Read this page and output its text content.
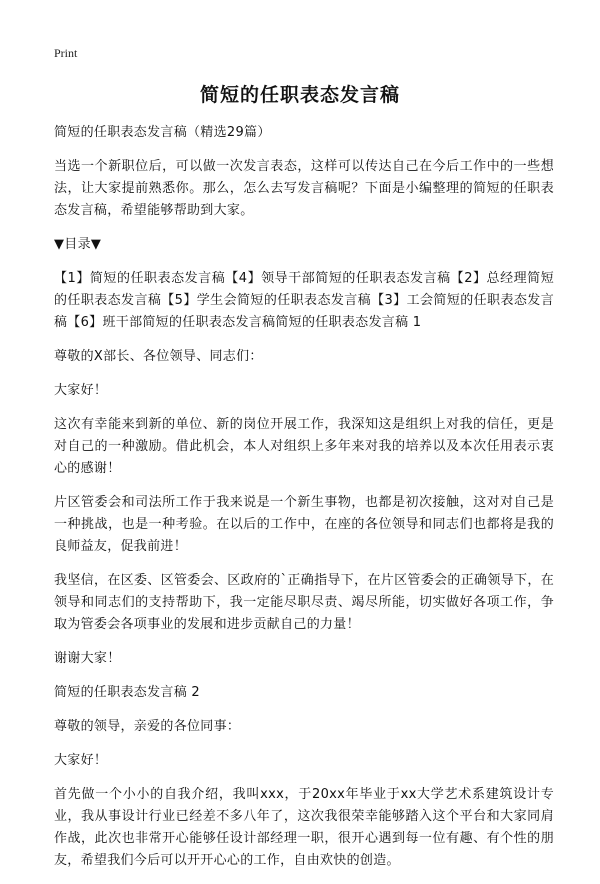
Print
简短的任职表态发言稿

简短的任职表态发言稿（精选29篇）

当选一个新职位后，可以做一次发言表态，这样可以传达自己在今后工作中的一些想法，让大家提前熟悉你。那么，怎么去写发言稿呢？下面是小编整理的简短的任职表态发言稿，希望能够帮助到大家。

▼目录▼

【1】简短的任职表态发言稿【4】领导干部简短的任职表态发言稿【2】总经理简短的任职表态发言稿【5】学生会简短的任职表态发言稿【3】工会简短的任职表态发言稿【6】班干部简短的任职表态发言稿简短的任职表态发言稿 1

尊敬的X部长、各位领导、同志们：

大家好！

这次有幸能来到新的单位、新的岗位开展工作，我深知这是组织上对我的信任，更是对自己的一种激励。借此机会，本人对组织上多年来对我的培养以及本次任用表示衷心的感谢！

片区管委会和司法所工作于我来说是一个新生事物，也都是初次接触，这对对自己是一种挑战，也是一种考验。在以后的工作中，在座的各位领导和同志们也都将是我的良师益友，促我前进！

我坚信，在区委、区管委会、区政府的`正确指导下，在片区管委会的正确领导下，在领导和同志们的支持帮助下，我一定能尽职尽责、竭尽所能，切实做好各项工作，争取为管委会各项事业的发展和进步贡献自己的力量！

谢谢大家！

简短的任职表态发言稿 2

尊敬的领导，亲爱的各位同事：

大家好！

首先做一个小小的自我介绍，我叫xxx，于20xx年毕业于xx大学艺术系建筑设计专业，我从事设计行业已经差不多八年了，这次我很荣幸能够踏入这个平台和大家同肩作战，此次也非常开心能够任设计部经理一职，很开心遇到每一位有趣、有个性的朋友，希望我们今后可以开开心心的工作，自由欢快的创造。
